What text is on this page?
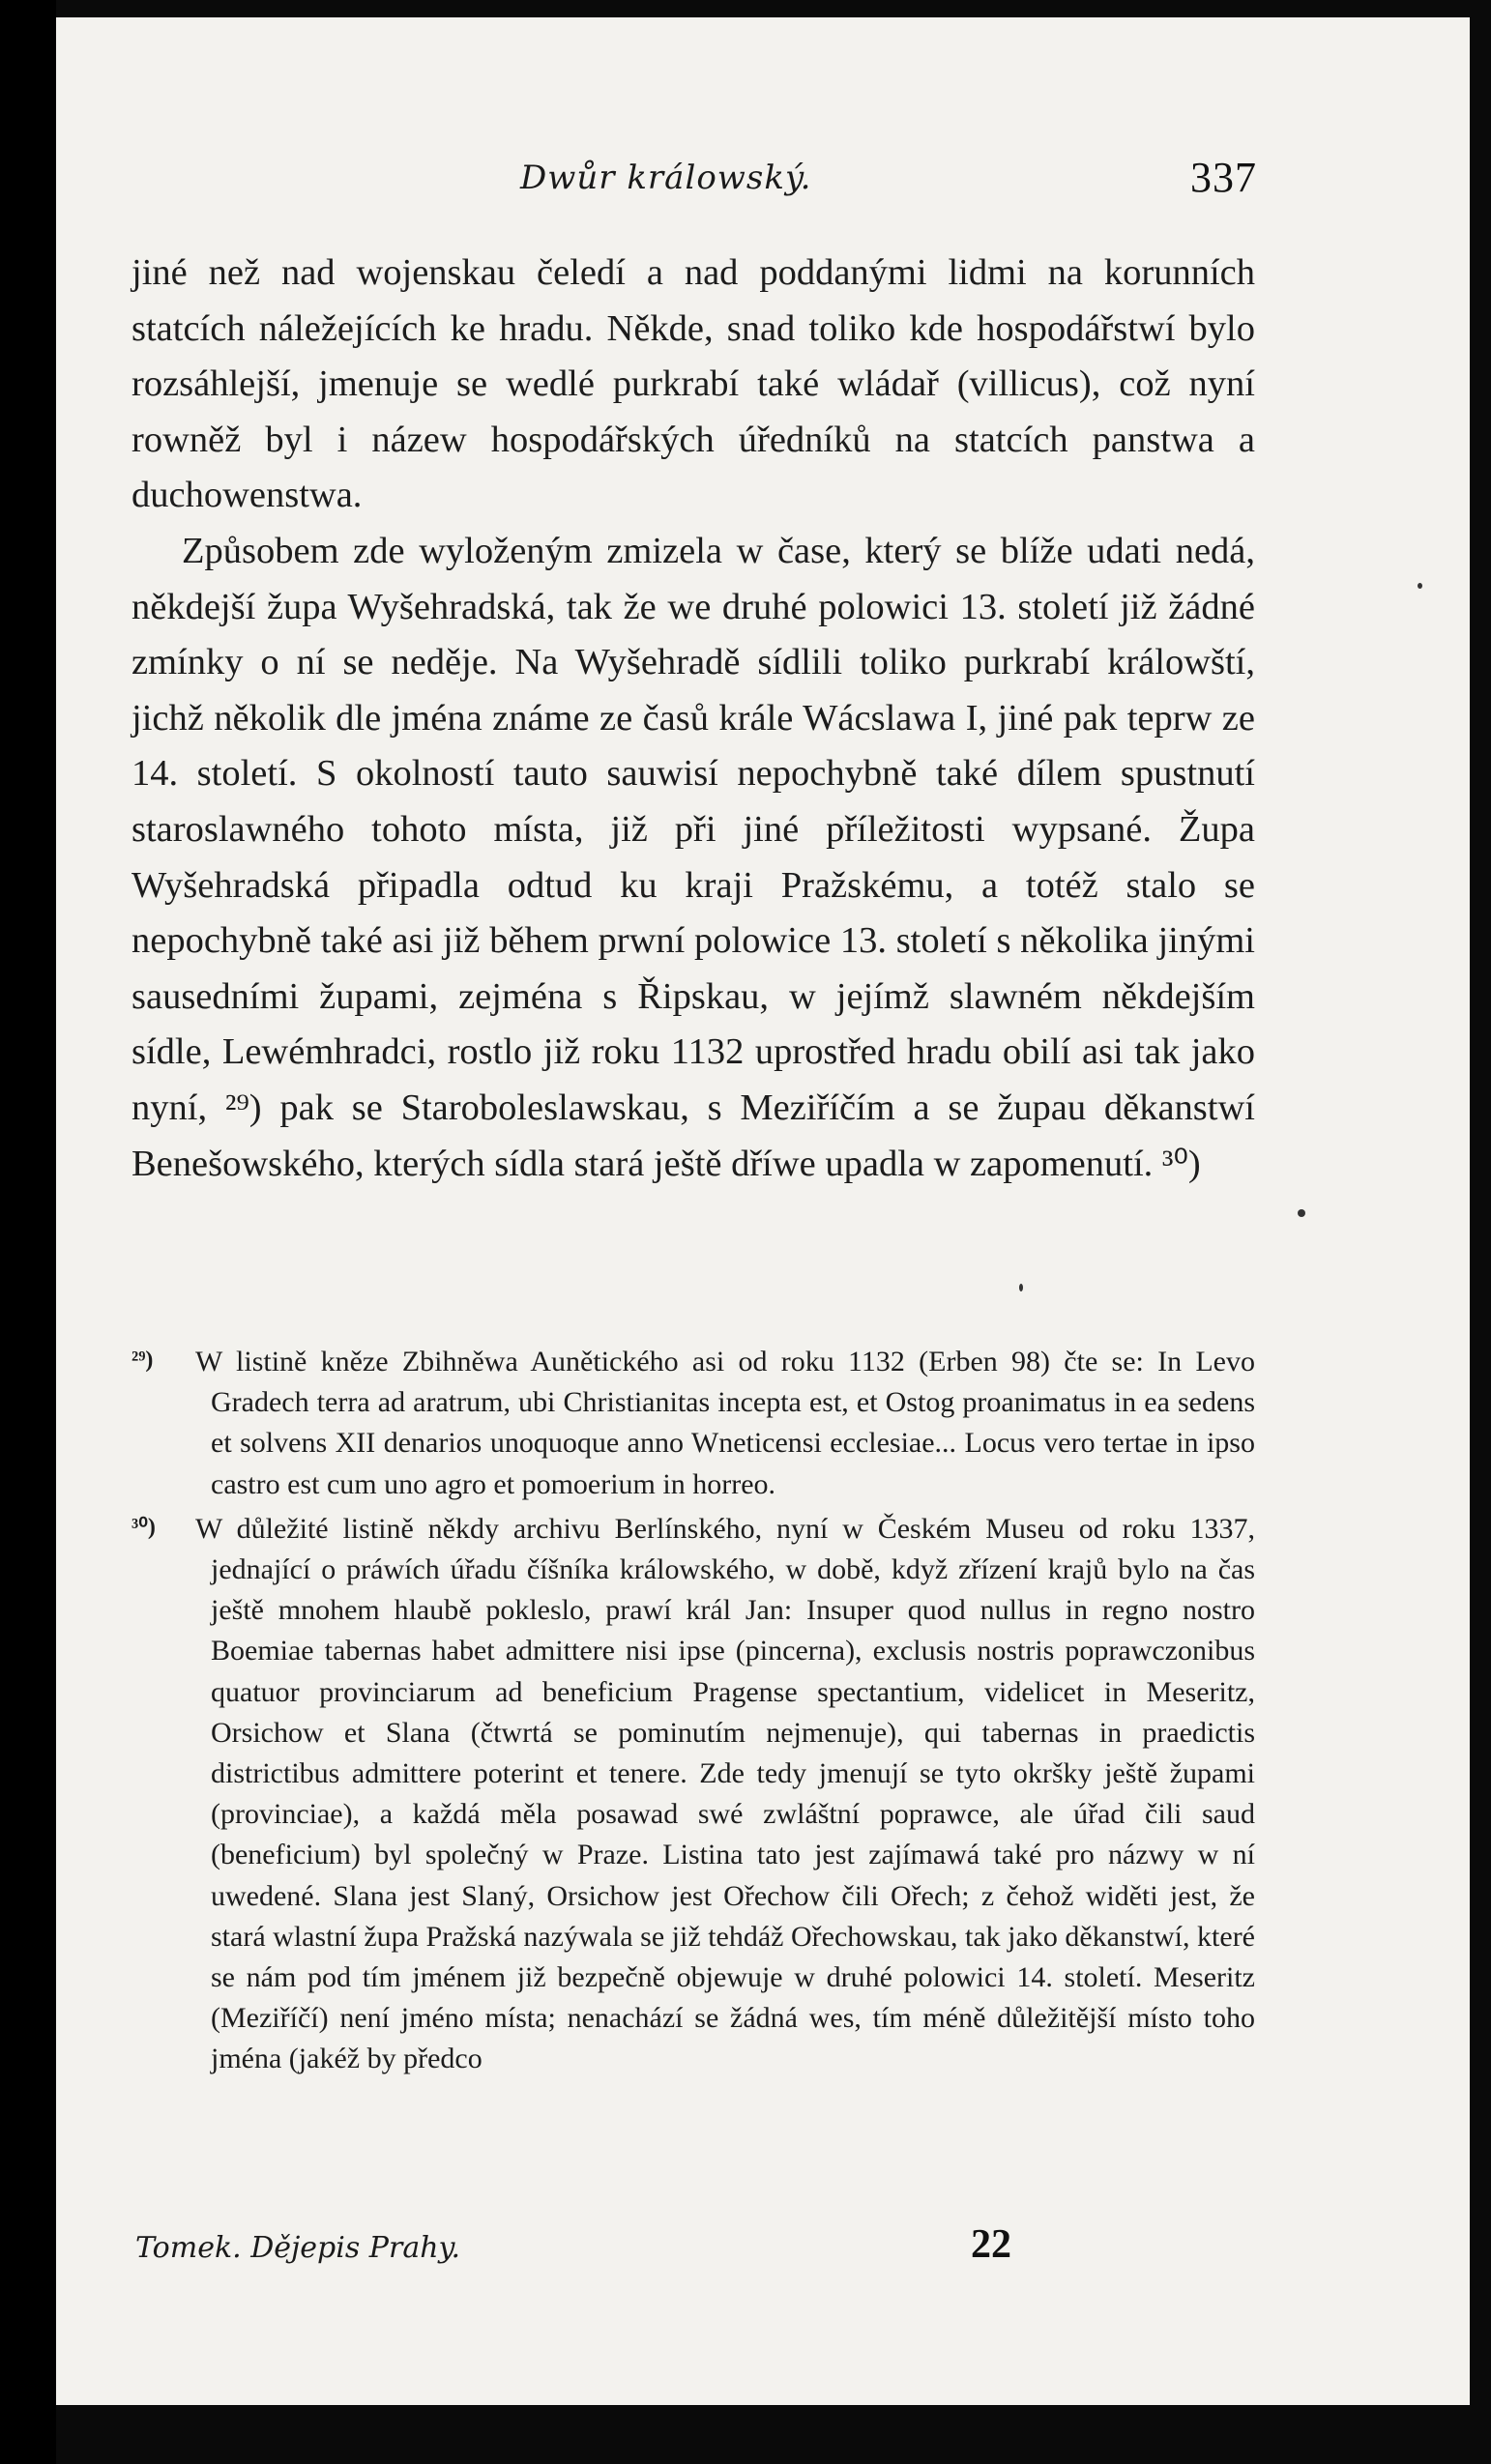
Dwůr králowský.	337

jiné než nad wojenskau čeledí a nad poddanými lidmi na korunních statcích náležejících ke hradu. Někde, snad toliko kde hospodářstwí bylo rozsáhlejší, jmenuje se wedlé purkrabí také wládař (villicus), což nyní rowněž byl i názew hospodářských úředníků na statcích panstwa a duchowenstwa.

Způsobem zde wyloženým zmizela w čase, který se blíže udati nedá, někdejší župa Wyšehradská, tak že we druhé polowici 13. století již žádné zmínky o ní se neděje. Na Wyšehradě sídlili toliko purkrabí králowští, jichž několik dle jména známe ze časů krále Wácslawa I, jiné pak teprw ze 14. století. S okolností tauto sauwisí nepochybně také dílem spustnutí staroslawného tohoto místa, již při jiné příležitosti wypsané. Župa Wyšehradská připadla odtud ku kraji Pražskému, a totéž stalo se nepochybně také asi již během prwní polowice 13. století s několika jinými sausedními župami, zejména s Řipskau, w jejímž slawném někdejším sídle, Lewémhradci, rostlo již roku 1132 uprostřed hradu obilí asi tak jako nyní, ²⁹) pak se Staroboleslawskau, s Meziříčím a se župau děkanstwí Benešowského, kterých sídla stará ještě dříwe upadla w zapomenutí. ³⁰)

²⁹) W listině kněze Zbihněwa Aunětického asi od roku 1132 (Erben 98) čte se: In Levo Gradech terra ad aratrum, ubi Christianitas incepta est, et Ostog proanimatus in ea sedens et solvens XII denarios unoquoque anno Wneticensi ecclesiae... Locus vero tertae in ipso castro est cum uno agro et pomoerium in horreo.

³⁰) W důležité listině někdy archivu Berlínského, nyní w Českém Museu od roku 1337, jednající o práwích úřadu číšníka králowského, w době, když zřízení krajů bylo na čas ještě mnohem hlaubě pokleslo, prawí král Jan: Insuper quod nullus in regno nostro Boemiae tabernas habet admittere nisi ipse (pincerna), exclusis nostris poprawczonibus quatuor provinciarum ad beneficium Pragense spectantium, videlicet in Meseritz, Orsichow et Slana (čtwrtá se pominutím nejmenuje), qui tabernas in praedictis districtibus admittere poterint et tenere. Zde tedy jmenují se tyto okršky ještě župami (provinciae), a každá měla posawad swé zwláštní poprawce, ale úřad čili saud (beneficium) byl společný w Praze. Listina tato jest zajímawá také pro názwy w ní uwedené. Slana jest Slaný, Orsichow jest Ořechow čili Ořech; z čehož widěti jest, že stará wlastní župa Pražská nazýwala se již tehdáž Ořechowskau, tak jako děkanstwí, které se nám pod tím jménem již bezpečně objewuje w druhé polowici 14. století. Meseritz (Meziříčí) není jméno místa; nenachází se žádná wes, tím méně důležitější místo toho jména (jakéž by předco

Tomek. Dějepis Prahy.	22
